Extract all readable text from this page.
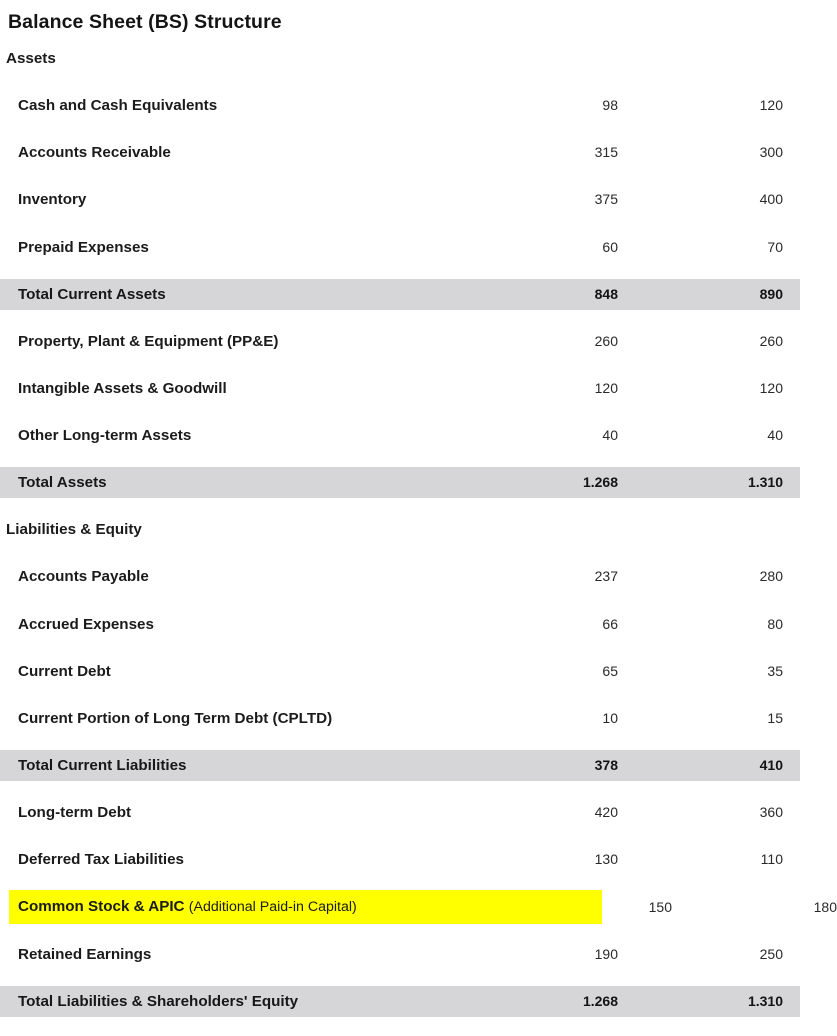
Balance Sheet (BS) Structure
Assets
Cash and Cash Equivalents	98	120
Accounts Receivable	315	300
Inventory	375	400
Prepaid Expenses	60	70
Total Current Assets	848	890
Property, Plant & Equipment (PP&E)	260	260
Intangible Assets & Goodwill	120	120
Other Long-term Assets	40	40
Total Assets	1.268	1.310
Liabilities & Equity
Accounts Payable	237	280
Accrued Expenses	66	80
Current Debt	65	35
Current Portion of Long Term Debt (CPLTD)	10	15
Total Current Liabilities	378	410
Long-term Debt	420	360
Deferred Tax Liabilities	130	110
Common Stock & APIC (Additional Paid-in Capital)	150	180
Retained Earnings	190	250
Total Liabilities & Shareholders' Equity	1.268	1.310
